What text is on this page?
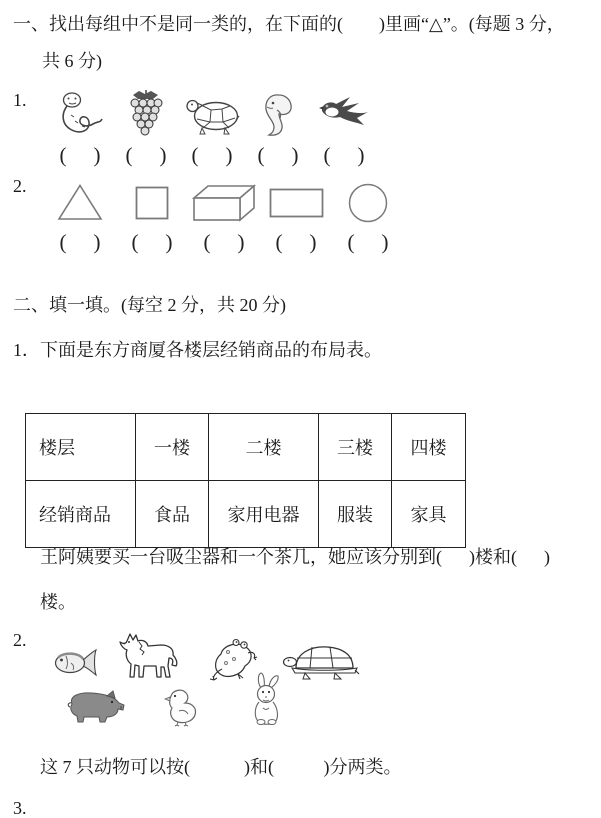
一、找出每组中不是同一类的，在下面的(        )里画“△”。(每题 3 分，
共 6 分)
1.
( ) ( ) ( ) ( ) ( )
2.
( ) ( ) ( ) ( ) ( )
二、填一填。(每空 2 分，共 20 分)
1．下面是东方商厦各楼层经销商品的布局表。

楼层	一楼	二楼	三楼	四楼
经销商品	食品	家用电器	服装	家具

王阿姨要买一台吸尘器和一个茶几，她应该分别到(      )楼和(      )
楼。
2.
这 7 只动物可以按(            )和(           )分两类。
3.
